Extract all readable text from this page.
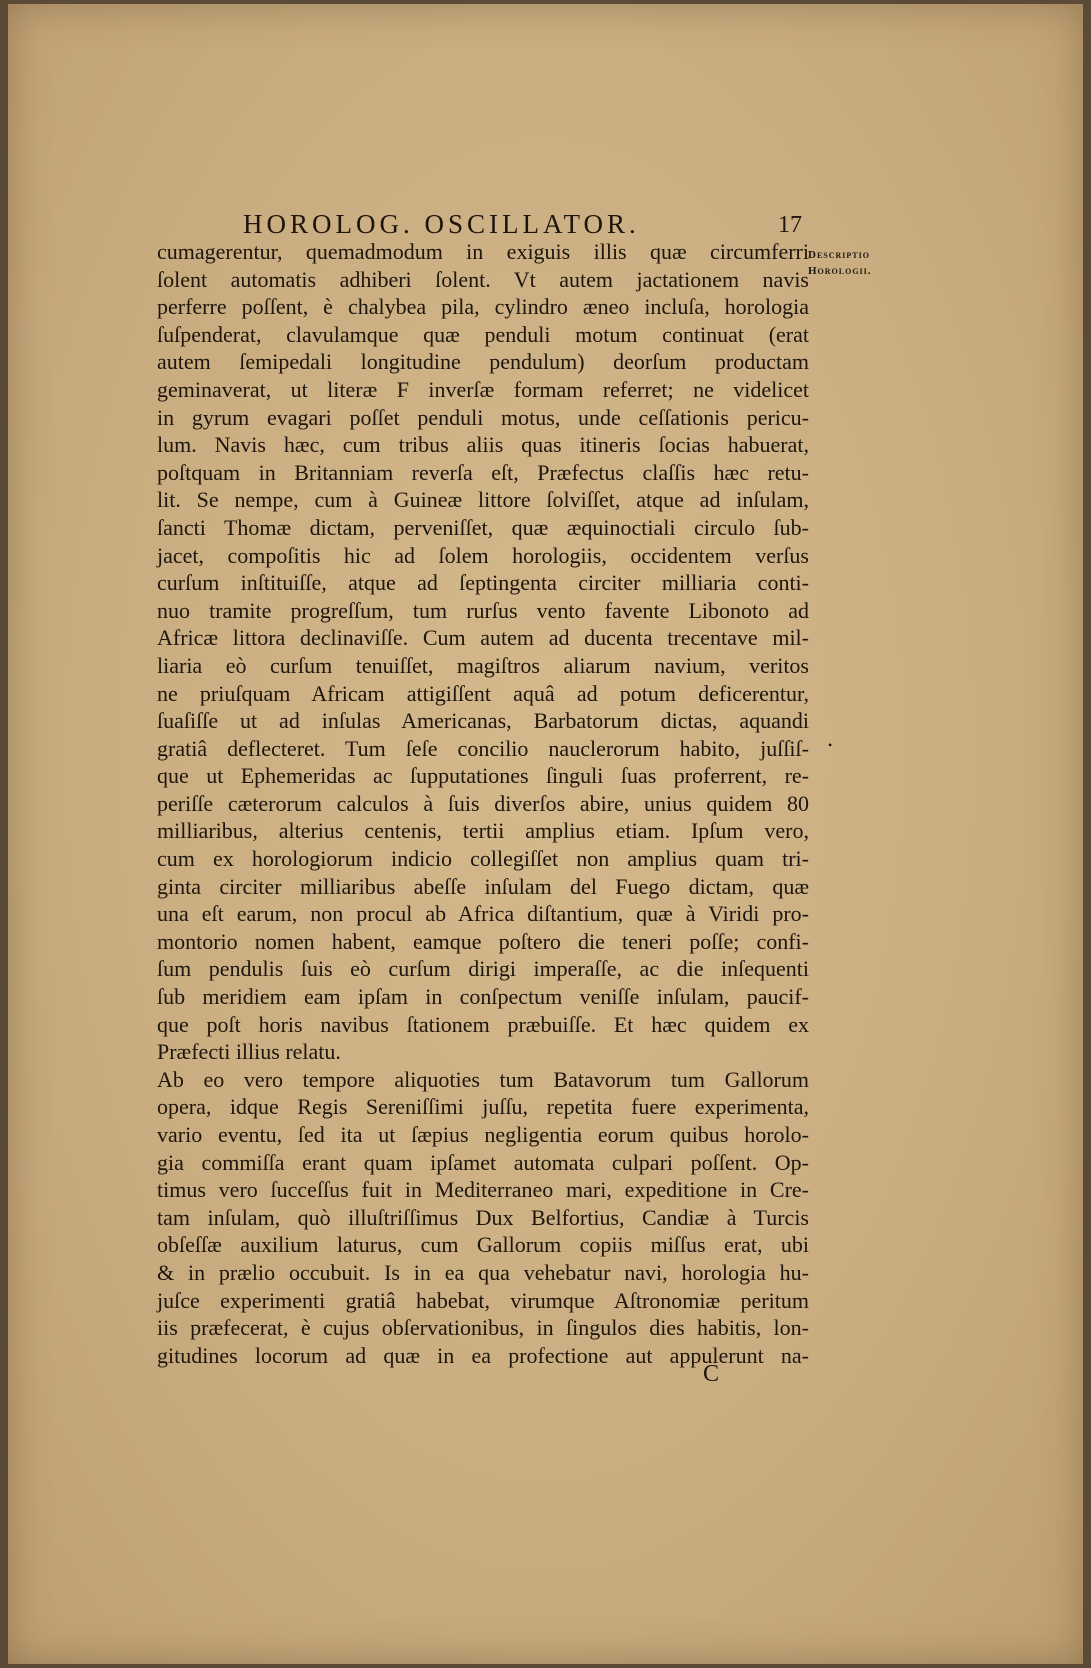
HOROLOG. OSCILLATOR.	17
Descriptio
Horologii.
cumagerentur, quemadmodum in exiguis illis quæ circumferri
ſolent automatis adhiberi ſolent. Vt autem jactationem navis
perferre poſſent, è chalybea pila, cylindro æneo incluſa, horologia
ſuſpenderat, clavulamque quæ penduli motum continuat (erat
autem ſemipedali longitudine pendulum) deorſum productam
geminaverat, ut literæ F inverſæ formam referret; ne videlicet
in gyrum evagari poſſet penduli motus, unde ceſſationis pericu-
lum. Navis hæc, cum tribus aliis quas itineris ſocias habuerat,
poſtquam in Britanniam reverſa eſt, Præfectus claſſis hæc retu-
lit. Se nempe, cum à Guineæ littore ſolviſſet, atque ad inſulam,
ſancti Thomæ dictam, perveniſſet, quæ æquinoctiali circulo ſub-
jacet, compoſitis hic ad ſolem horologiis, occidentem verſus
curſum inſtituiſſe, atque ad ſeptingenta circiter milliaria conti-
nuo tramite progreſſum, tum rurſus vento favente Libonoto ad
Africæ littora declinaviſſe. Cum autem ad ducenta trecentave mil-
liaria eò curſum tenuiſſet, magiſtros aliarum navium, veritos
ne priuſquam Africam attigiſſent aquâ ad potum deficerentur,
ſuaſiſſe ut ad inſulas Americanas, Barbatorum dictas, aquandi
gratiâ deflecteret. Tum ſeſe concilio nauclerorum habito, juſſiſ-
que ut Ephemeridas ac ſupputationes ſinguli ſuas proferrent, re-
periſſe cæterorum calculos à ſuis diverſos abire, unius quidem 80
milliaribus, alterius centenis, tertii amplius etiam. Ipſum vero,
cum ex horologiorum indicio collegiſſet non amplius quam tri-
ginta circiter milliaribus abeſſe inſulam del Fuego dictam, quæ
una eſt earum, non procul ab Africa diſtantium, quæ à Viridi pro-
montorio nomen habent, eamque poſtero die teneri poſſe; confi-
ſum pendulis ſuis eò curſum dirigi imperaſſe, ac die inſequenti
ſub meridiem eam ipſam in conſpectum veniſſe inſulam, paucif-
que poſt horis navibus ſtationem præbuiſſe. Et hæc quidem ex
Præfecti illius relatu.
Ab eo vero tempore aliquoties tum Batavorum tum Gallorum
opera, idque Regis Sereniſſimi juſſu, repetita fuere experimenta,
vario eventu, ſed ita ut ſæpius negligentia eorum quibus horolo-
gia commiſſa erant quam ipſamet automata culpari poſſent. Op-
timus vero ſucceſſus fuit in Mediterraneo mari, expeditione in Cre-
tam inſulam, quò illuſtriſſimus Dux Belfortius, Candiæ à Turcis
obſeſſæ auxilium laturus, cum Gallorum copiis miſſus erat, ubi
& in prælio occubuit. Is in ea qua vehebatur navi, horologia hu-
juſce experimenti gratiâ habebat, virumque Aſtronomiæ peritum
iis præfecerat, è cujus obſervationibus, in ſingulos dies habitis, lon-
gitudines locorum ad quæ in ea profectione aut appulerunt na-
•
C
